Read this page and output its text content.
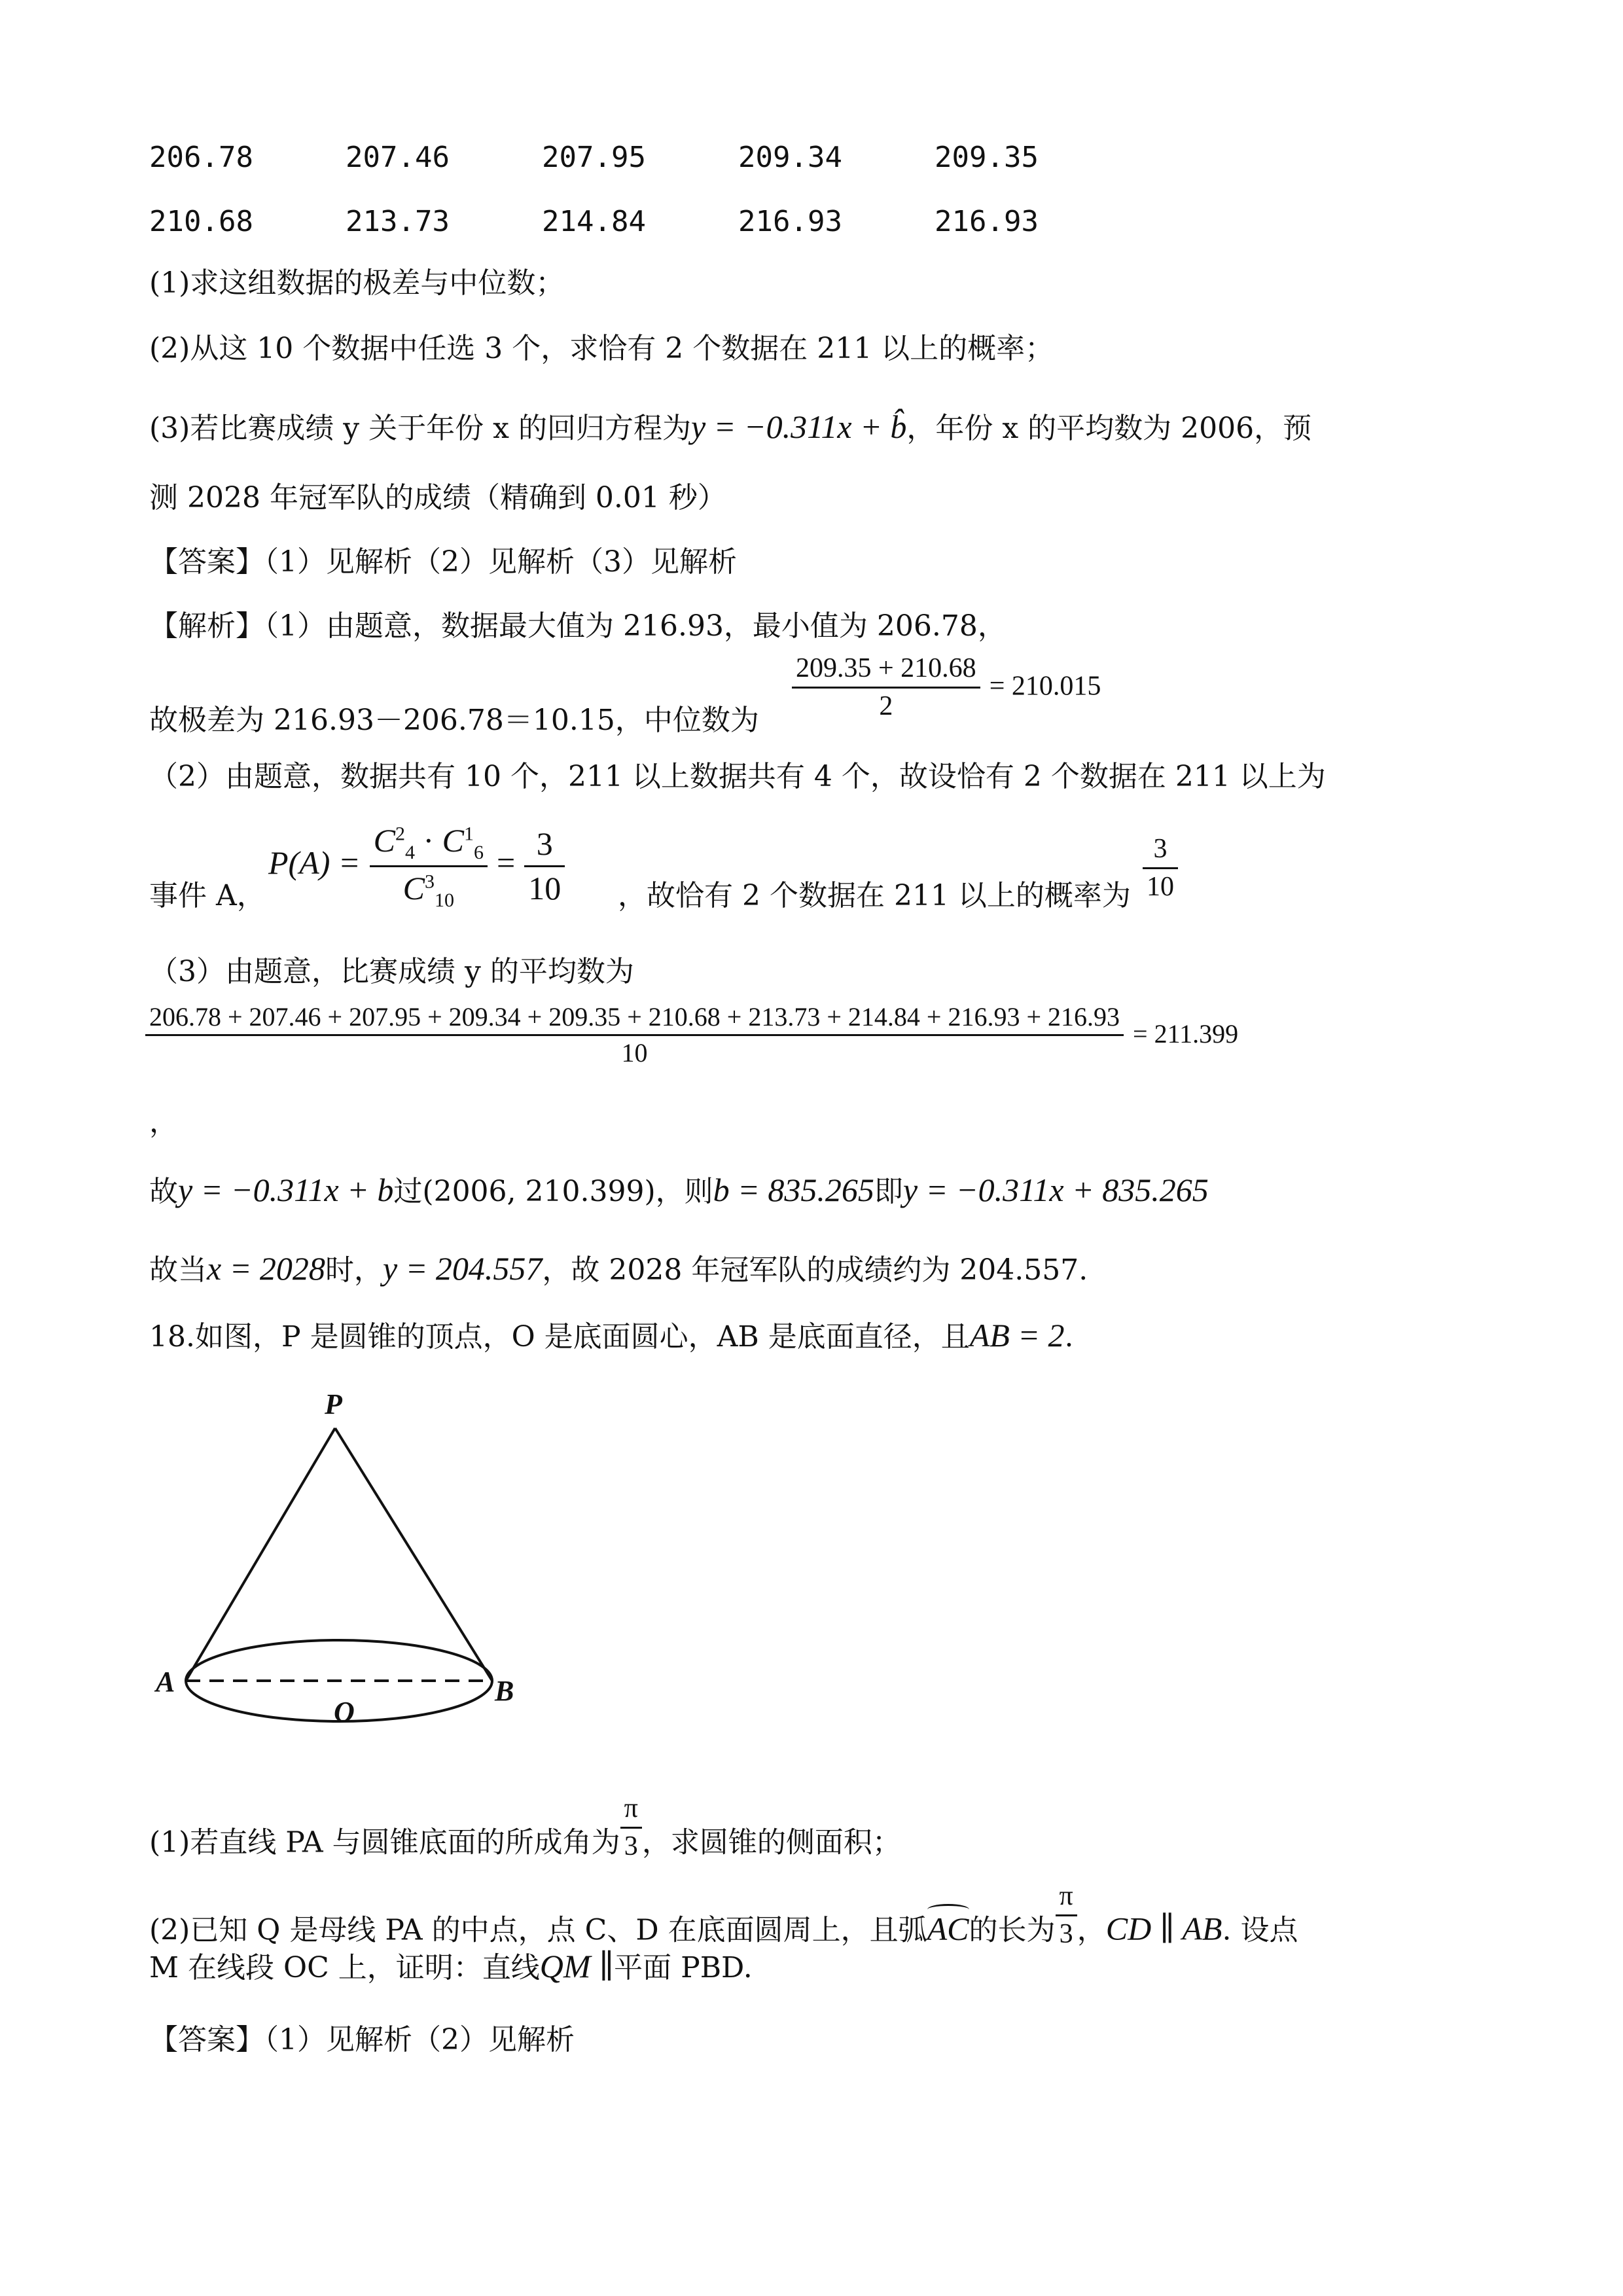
206.78	207.46	207.95	209.34	209.35
210.68	213.73	214.84	216.93	216.93
(1)求这组数据的极差与中位数；
(2)从这 10 个数据中任选 3 个，求恰有 2 个数据在 211 以上的概率；
(3)若比赛成绩 y 关于年份 x 的回归方程为y = −0.311x + b̂，年份 x 的平均数为 2006，预
测 2028 年冠军队的成绩（精确到 0.01 秒）
【答案】（1）见解析（2）见解析（3）见解析
【解析】（1）由题意，数据最大值为 216.93，最小值为 206.78，
故极差为 216.93－206.78＝10.15，中位数为 $\frac{209.35 + 210.68}{2} = 210.015$
（2）由题意，数据共有 10 个，211 以上数据共有 4 个，故设恰有 2 个数据在 211 以上为
事件 A，
$P(A) = \frac{C^2_4 \cdot C^1_6}{C^3_{10}} = \frac{3}{10}$ ，故恰有 2 个数据在 211 以上的概率为 $\frac{3}{10}$
（3）由题意，比赛成绩 y 的平均数为
206.78 + 207.46 + 207.95 + 209.34 + 209.35 + 210.68 + 213.73 + 214.84 + 216.93 + 216.93
10
= 211.399
，
故y = −0.311x + b过(2006, 210.399)，则b = 835.265即y = −0.311x + 835.265
故当x = 2028时，y = 204.557，故 2028 年冠军队的成绩约为 204.557.
18.如图，P 是圆锥的顶点，O 是底面圆心，AB 是底面直径，且AB = 2.
P
A	B
O
(1)若直线 PA 与圆锥底面的所成角为 $\frac{\pi}{3}$ ，求圆锥的侧面积；
(2)已知 Q 是母线 PA 的中点，点 C、D 在底面圆周上，且弧AC的长为 $\frac{\pi}{3}$ ，CD ∥ AB. 设点
M 在线段 OC 上，证明：直线QM ∥平面 PBD.
【答案】（1）见解析（2）见解析
